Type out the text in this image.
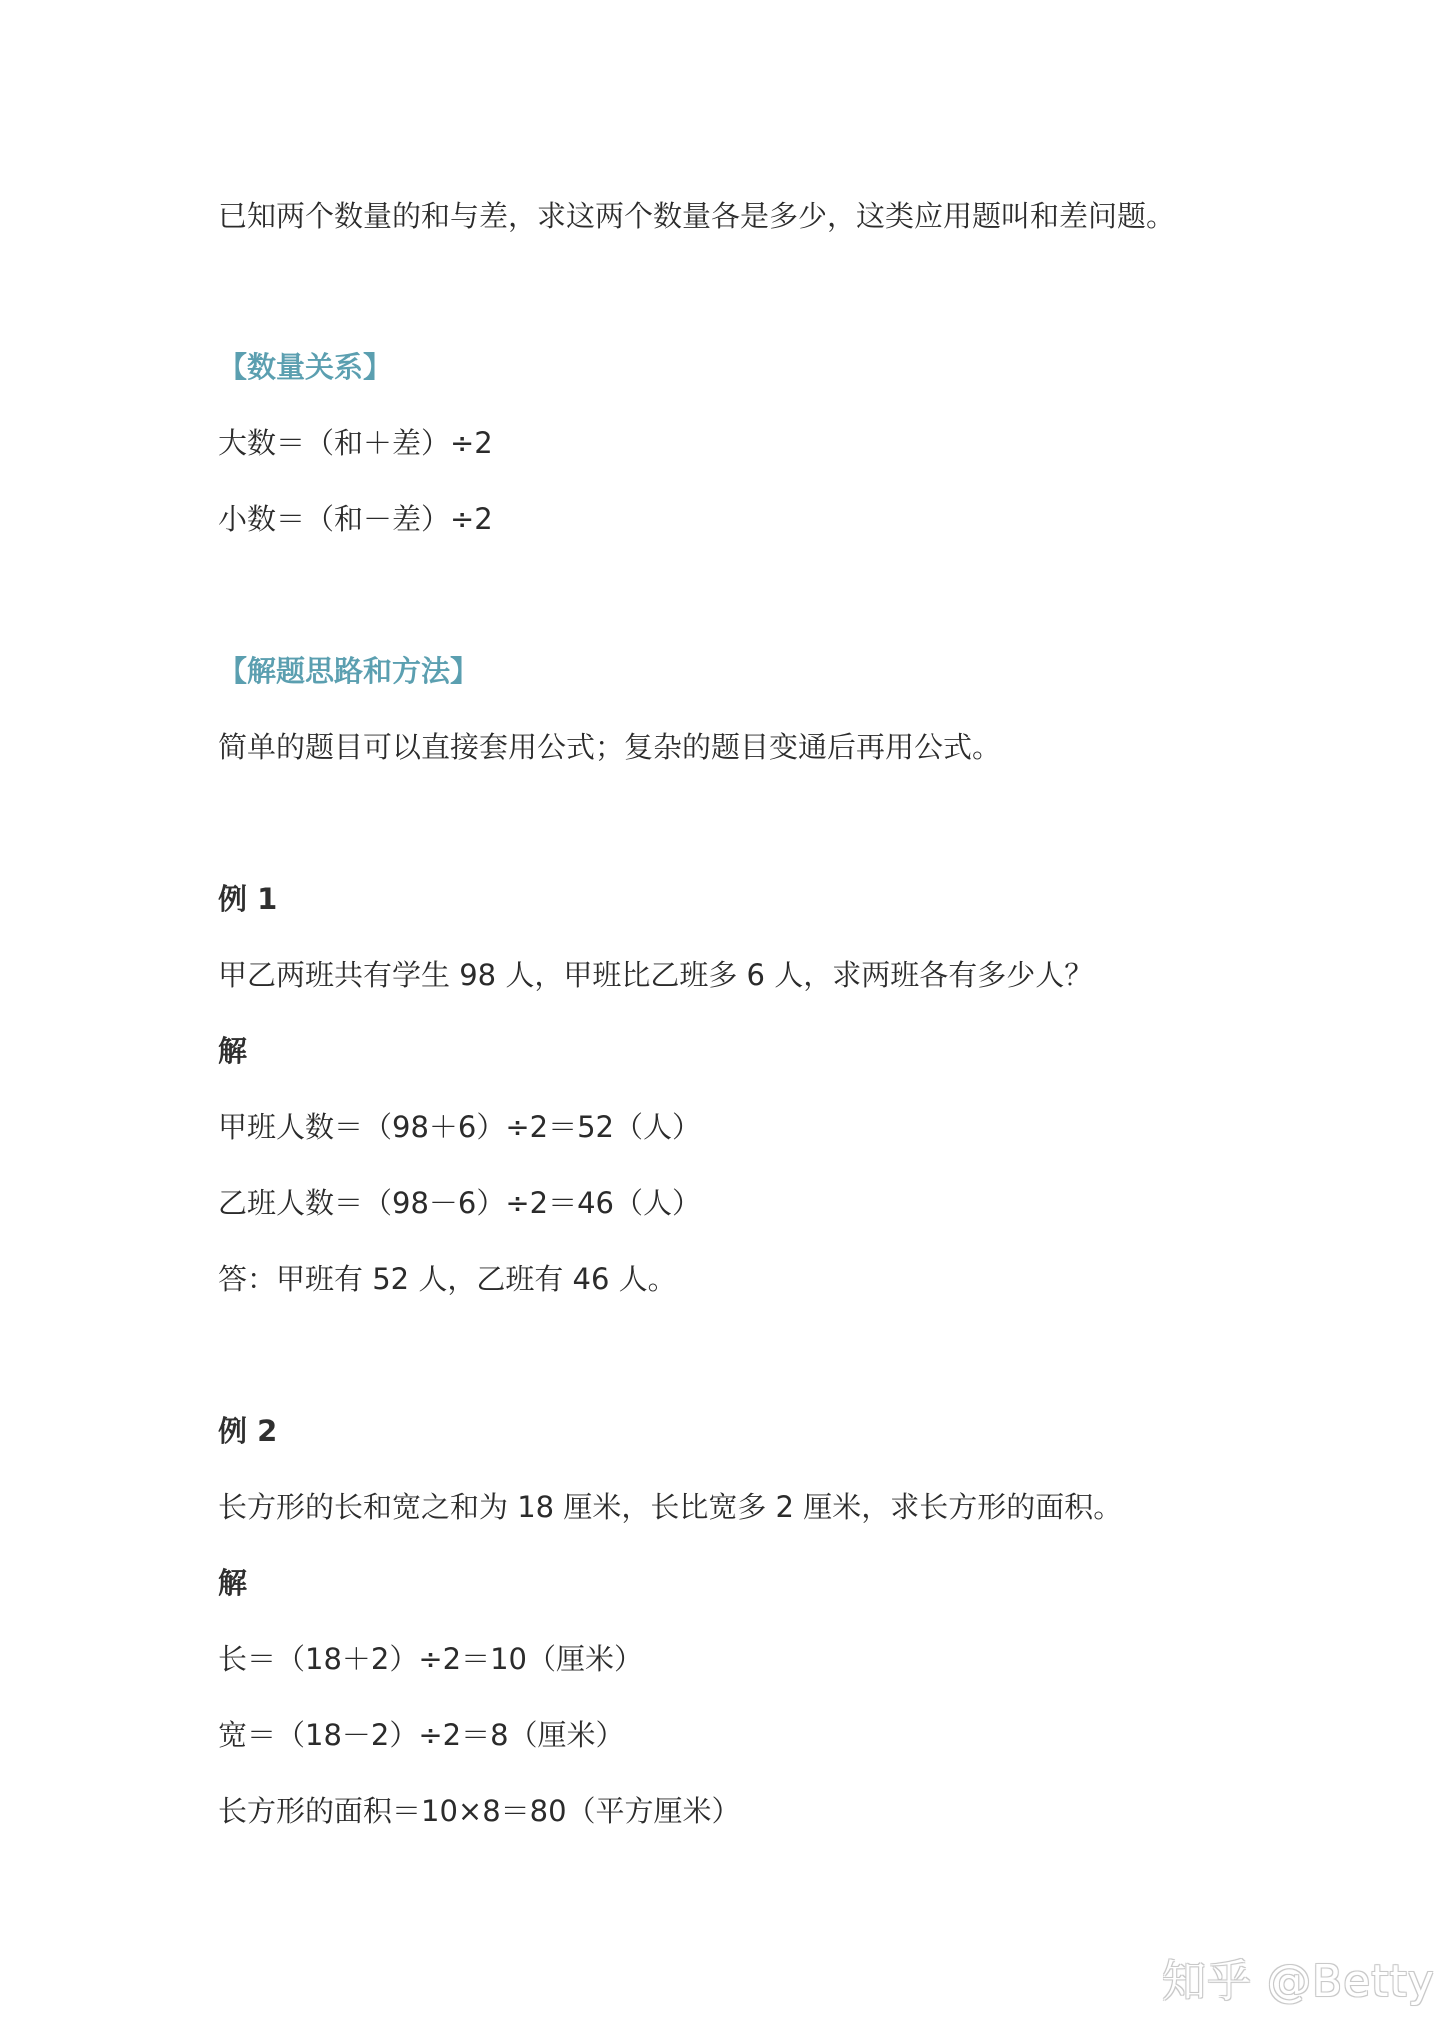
已知两个数量的和与差，求这两个数量各是多少，这类应用题叫和差问题。
【数量关系】
大数＝（和＋差）÷2
小数＝（和－差）÷2
【解题思路和方法】
简单的题目可以直接套用公式；复杂的题目变通后再用公式。
例 1
甲乙两班共有学生 98 人，甲班比乙班多 6 人，求两班各有多少人？
解
甲班人数＝（98＋6）÷2＝52（人）
乙班人数＝（98－6）÷2＝46（人）
答：甲班有 52 人，乙班有 46 人。
例 2
长方形的长和宽之和为 18 厘米，长比宽多 2 厘米，求长方形的面积。
解
长＝（18＋2）÷2＝10（厘米）
宽＝（18－2）÷2＝8（厘米）
长方形的面积＝10×8＝80（平方厘米）
知乎 @Betty
